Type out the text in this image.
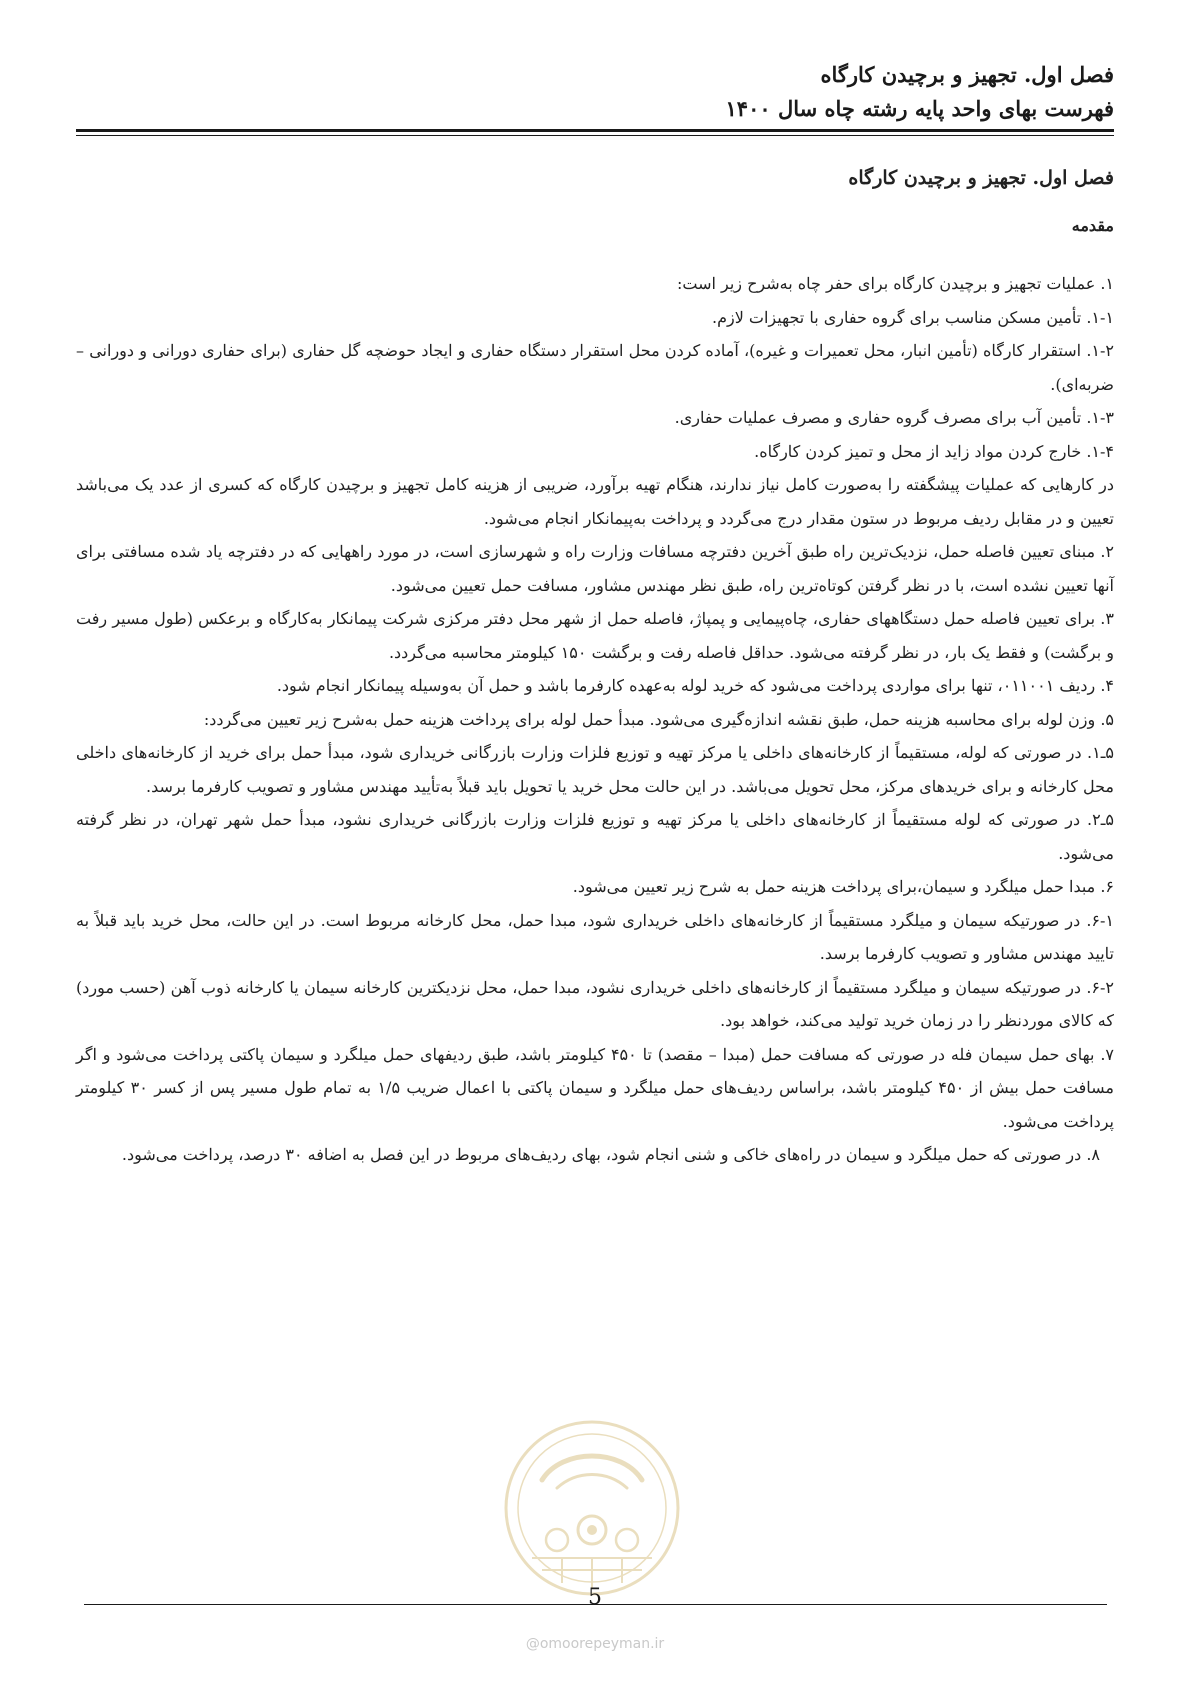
فصل اول. تجهیز و برچیدن کارگاه
فهرست بهای واحد پایه رشته چاه سال ۱۴۰۰
فصل اول. تجهیز و برچیدن کارگاه
مقدمه

۱. عملیات تجهیز و برچیدن کارگاه برای حفر چاه به‌شرح زیر است:

۱-۱. تأمین مسکن مناسب برای گروه حفاری با تجهیزات لازم.

۱-۲. استقرار کارگاه (تأمین انبار، محل تعمیرات و غیره)، آماده کردن محل استقرار دستگاه حفاری و ایجاد حوضچه گل حفاری (برای حفاری دورانی و دورانی – ضربه‌ای).

۱-۳. تأمین آب برای مصرف گروه حفاری و مصرف عملیات حفاری.

۱-۴. خارج کردن مواد زاید از محل و تمیز کردن کارگاه.

در کارهایی که عملیات پیشگفته را به‌صورت کامل نیاز ندارند، هنگام تهیه برآورد، ضریبی از هزینه کامل تجهیز و برچیدن کارگاه که کسری از عدد یک می‌باشد تعیین و در مقابل ردیف مربوط در ستون مقدار درج می‌گردد و پرداخت به‌پیمانکار انجام می‌شود.

۲. مبنای تعیین فاصله حمل، نزدیک‌ترین راه طبق آخرین دفترچه مسافات وزارت راه و شهرسازی است، در مورد راههایی که در دفترچه یاد شده مسافتی برای آنها تعیین نشده است، با در نظر گرفتن کوتاه‌ترین راه، طبق نظر مهندس مشاور، مسافت حمل تعیین می‌شود.

۳. برای تعیین فاصله حمل دستگاههای حفاری، چاه‌پیمایی و پمپاژ، فاصله حمل از شهر محل دفتر مرکزی شرکت پیمانکار به‌کارگاه و برعکس (طول مسیر رفت و برگشت) و فقط یک بار، در نظر گرفته می‌شود. حداقل فاصله رفت و برگشت ۱۵۰ کیلومتر محاسبه می‌گردد.

۴. ردیف ۰۱۱۰۰۱، تنها برای مواردی پرداخت می‌شود که خرید لوله به‌عهده کارفرما باشد و حمل آن به‌وسیله پیمانکار انجام شود.

۵. وزن لوله برای محاسبه هزینه حمل، طبق نقشه اندازه‌گیری می‌شود. مبدأ حمل لوله برای پرداخت هزینه حمل به‌شرح زیر تعیین می‌گردد:

۵ـ۱. در صورتی که لوله، مستقیماً از کارخانه‌های داخلی یا مرکز تهیه و توزیع فلزات وزارت بازرگانی خریداری شود، مبدأ حمل برای خرید از کارخانه‌های داخلی محل کارخانه و برای خریدهای مرکز، محل تحویل می‌باشد. در این حالت محل خرید یا تحویل باید قبلاً به‌تأیید مهندس مشاور و تصویب کارفرما برسد.

۵ـ۲. در صورتی که لوله مستقیماً از کارخانه‌های داخلی یا مرکز تهیه و توزیع فلزات وزارت بازرگانی خریداری نشود، مبدأ حمل شهر تهران، در نظر گرفته می‌شود.

۶. مبدا حمل میلگرد و سیمان،برای پرداخت هزینه حمل به شرح زیر تعیین می‌شود.

۶-۱. در صورتیکه سیمان و میلگرد مستقیماً از کارخانه‌های داخلی خریداری شود، مبدا حمل، محل کارخانه مربوط است. در این حالت، محل خرید باید قبلاً به تایید مهندس مشاور و تصویب کارفرما برسد.

۶-۲. در صورتیکه سیمان و میلگرد مستقیماً از کارخانه‌های داخلی خریداری نشود، مبدا حمل، محل نزدیکترین کارخانه سیمان یا کارخانه ذوب آهن (حسب مورد) که کالای موردنظر را در زمان خرید تولید می‌کند، خواهد بود.

۷. بهای حمل سیمان فله در صورتی که مسافت حمل (مبدا – مقصد) تا ۴۵۰ کیلومتر باشد، طبق ردیفهای حمل میلگرد و سیمان پاکتی پرداخت می‌شود و اگر مسافت حمل بیش از ۴۵۰ کیلومتر باشد، براساس ردیف‌های حمل میلگرد و سیمان پاکتی با اعمال ضریب ۱/۵ به تمام طول مسیر پس از کسر ۳۰ کیلومتر پرداخت می‌شود.

۸. در صورتی که حمل میلگرد و سیمان در راه‌های خاکی و شنی انجام شود، بهای ردیف‌های مربوط در این فصل به اضافه ۳۰ درصد، پرداخت می‌شود.

5
@omoorepeyman.ir
